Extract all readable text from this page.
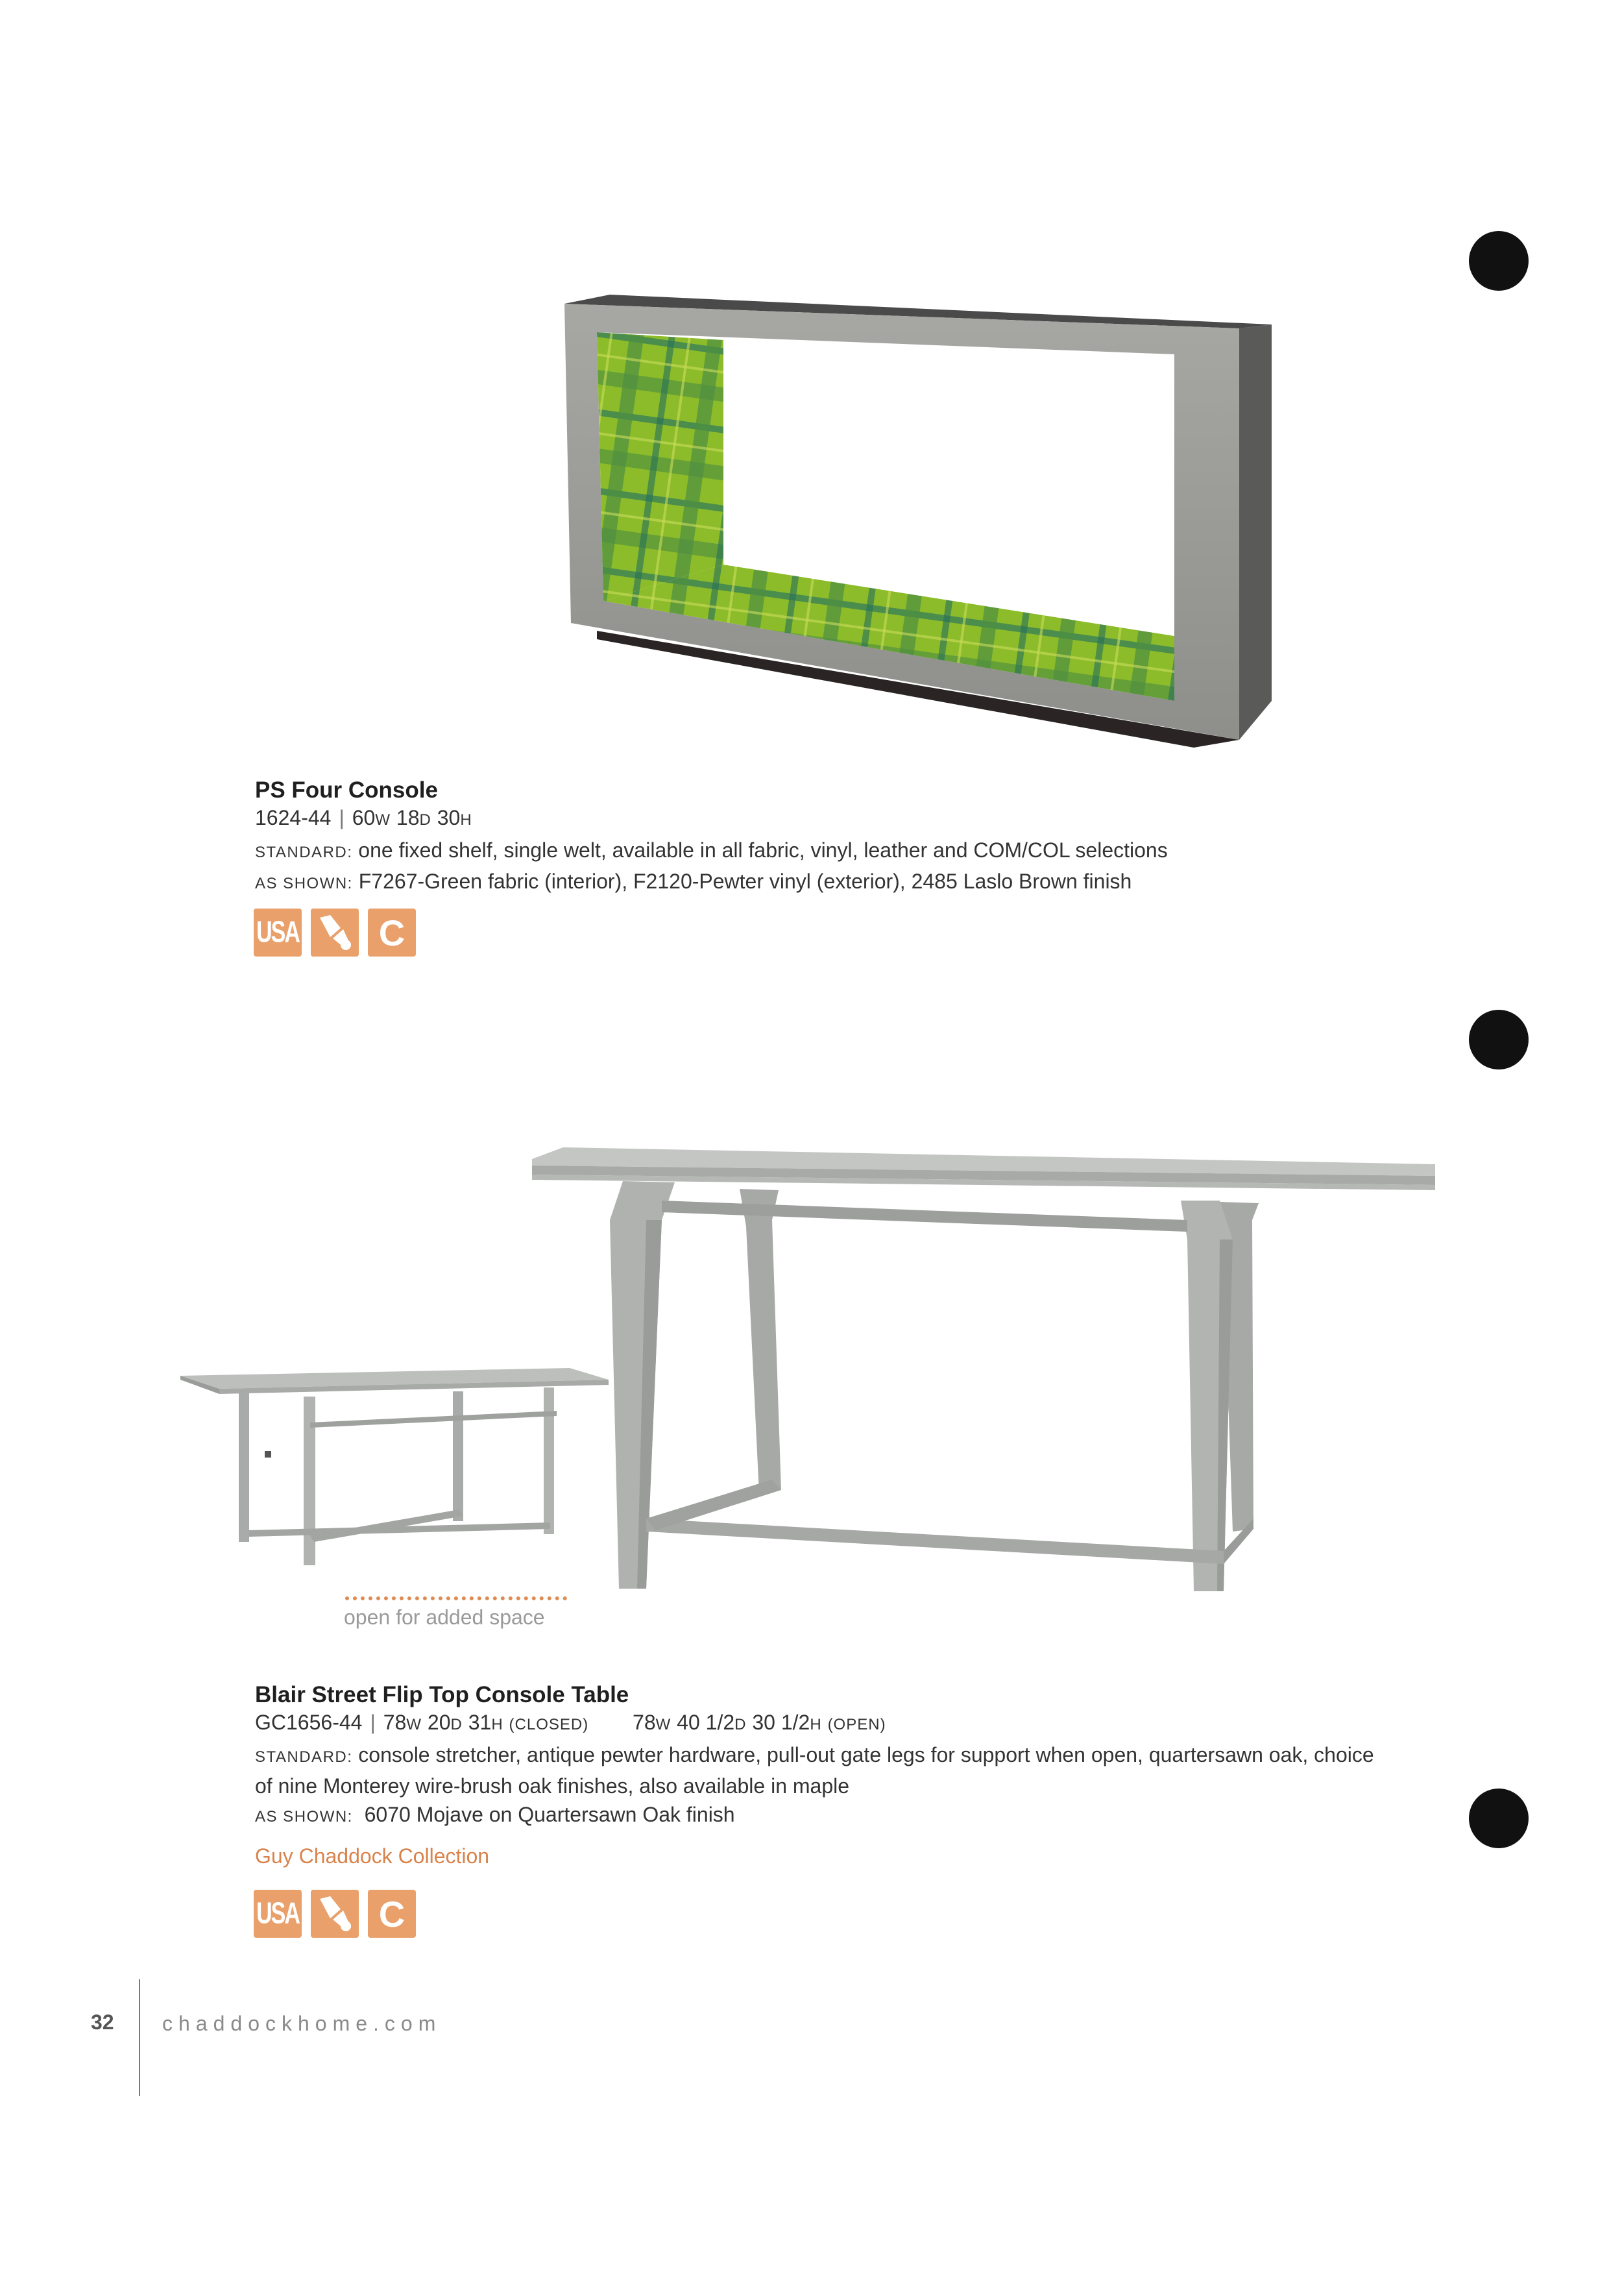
PS Four Console
1624-44 | 60W 18D 30H
STANDARD: one fixed shelf, single welt, available in all fabric, vinyl, leather and COM/COL selections
AS SHOWN: F7267-Green fabric (interior), F2120-Pewter vinyl (exterior), 2485 Laslo Brown finish
USA C
open for added space
Blair Street Flip Top Console Table
GC1656-44 | 78W 20D 31H (CLOSED) 78W 40 1/2D 30 1/2H (OPEN)
STANDARD: console stretcher, antique pewter hardware, pull-out gate legs for support when open, quartersawn oak, choice of nine Monterey wire-brush oak finishes, also available in maple
AS SHOWN: 6070 Mojave on Quartersawn Oak finish
Guy Chaddock Collection
USA C
32 chaddockhome.com
